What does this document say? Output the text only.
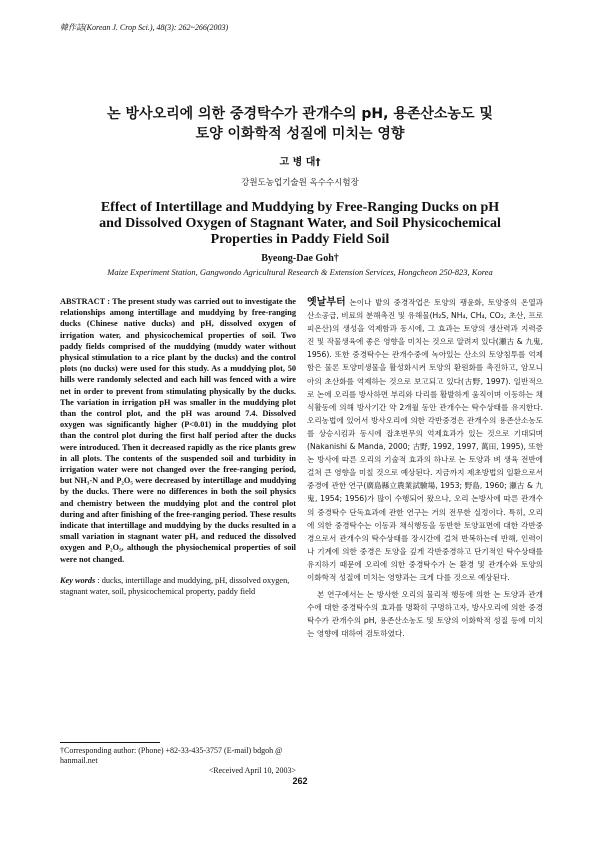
韓作誌(Korean J. Crop Sci.), 48(3): 262~266(2003)
논 방사오리에 의한 중경탁수가 관개수의 pH, 용존산소농도 및
토양 이화학적 성질에 미치는 영향
고 병 대†
강원도농업기술원 옥수수시험장
Effect of Intertillage and Muddying by Free-Ranging Ducks on pH
and Dissolved Oxygen of Stagnant Water, and Soil Physicochemical
Properties in Paddy Field Soil
Byeong-Dae Goh†
Maize Experiment Station, Gangwondo Agricultural Research & Extension Services, Hongcheon 250-823, Korea

ABSTRACT : The present study was carried out to investigate the relationships among intertillage and muddying by free-ranging ducks (Chinese native ducks) and pH, dissolved oxygen of irrigation water, and physicochemical properties of soil. Two paddy fields comprised of the muddying (muddy water without physical stimulation to a rice plant by the ducks) and the control plots (no ducks) were used for this study. As a muddying plot, 50 hills were randomly selected and each hill was fenced with a wire net in order to prevent from stimulating physically by the ducks. The variation in irrigation pH was smaller in the muddying plot than the control plot, and the pH was around 7.4. Dissolved oxygen was significantly higher (P<0.01) in the muddying plot than the control plot during the first half period after the ducks were introduced. Then it decreased rapidly as the rice plants grew in all plots. The contents of the suspended soil and turbidity in irrigation water were not changed over the free-ranging period, but NH₃-N and P₂O₅ were decreased by intertillage and muddying by the ducks. There were no differences in both the soil physics and chemistry between the muddying plot and the control plot during and after finishing of the free-ranging period. These results indicate that intertillage and muddying by the ducks resulted in a small variation in stagnant water pH, and reduced the dissolved oxygen and P₂O₅, although the physiochemical properties of soil were not changed.

Key words : ducks, intertillage and muddying, pH, dissolved oxygen, stagnant water, soil, physicochemical property, paddy field

†Corresponding author: (Phone) +82-33-435-3757 (E-mail) bdgoh @ hanmail.net
<Received April 10, 2003>

옛날부터 논이나 밭의 중경작업은 토양의 팽윤화, 토양중의 온열과 산소공급, 비료의 분해촉진 및 유해물(H₂S, NH₄, CH₄, CO₂, 초산, 프로피온산)의 생성을 억제함과 동시에, 그 효과는 토양의 생산력과 지력증진 및 작물생육에 좋은 영향을 미치는 것으로 알려져 있다(瀬古 & 九鬼, 1956). 또한 중경탁수는 관개수중에 녹아있는 산소의 토양침투를 억제함은 물론 토양미생물을 활성화시켜 토양의 환원화를 촉진하고, 암모니아의 초산화를 억제하는 것으로 보고되고 있다(古野, 1997). 일반적으로 논에 오리를 방사하면 부리와 다리를 활발하게 움직이며 이동하는 채식활동에 의해 방사기간 약 2개월 동안 관개수는 탁수상태를 유지한다. 오리농법에 있어서 방사오리에 의한 각반중경은 관개수의 용존산소농도를 상승시킴과 동시에 잡초번무의 억제효과가 있는 것으로 기대되며(Nakanishi & Manda, 2000; 古野, 1992, 1997, 萬田, 1995), 또한 논 방사에 따른 오리의 기술적 효과의 하나로 논 토양과 벼 생육 전반에 걸쳐 큰 영향을 미칠 것으로 예상된다. 지금까지 제초방법의 일환으로서 중경에 관한 연구(廣島縣立農業試驗場, 1953; 野島, 1960; 瀬古 & 九鬼, 1954; 1956)가 많이 수행되어 왔으나, 오리 논방사에 따른 관개수의 중경탁수 단독효과에 관한 연구는 거의 전무한 실정이다. 특히, 오리에 의한 중경탁수는 이동과 채식행동을 동반한 토양표면에 대한 각반중경으로서 관개수의 탁수상태를 장시간에 걸쳐 반복하는데 반해, 인력이나 기계에 의한 중경은 토양을 깊게 각반중경하고 단기적인 탁수상태를 유지하기 때문에 오리에 의한 중경탁수가 논 환경 및 관개수와 토양의 이화학적 성질에 미치는 영향과는 크게 다를 것으로 예상된다.

본 연구에서는 논 방사한 오리의 물리적 행동에 의한 논 토양과 관개수에 대한 중경탁수의 효과를 명확히 구명하고자, 방사오리에 의한 중경탁수가 관개수의 pH, 용존산소농도 및 토양의 이화학적 성질 등에 미치는 영향에 대하여 검토하였다.

262
